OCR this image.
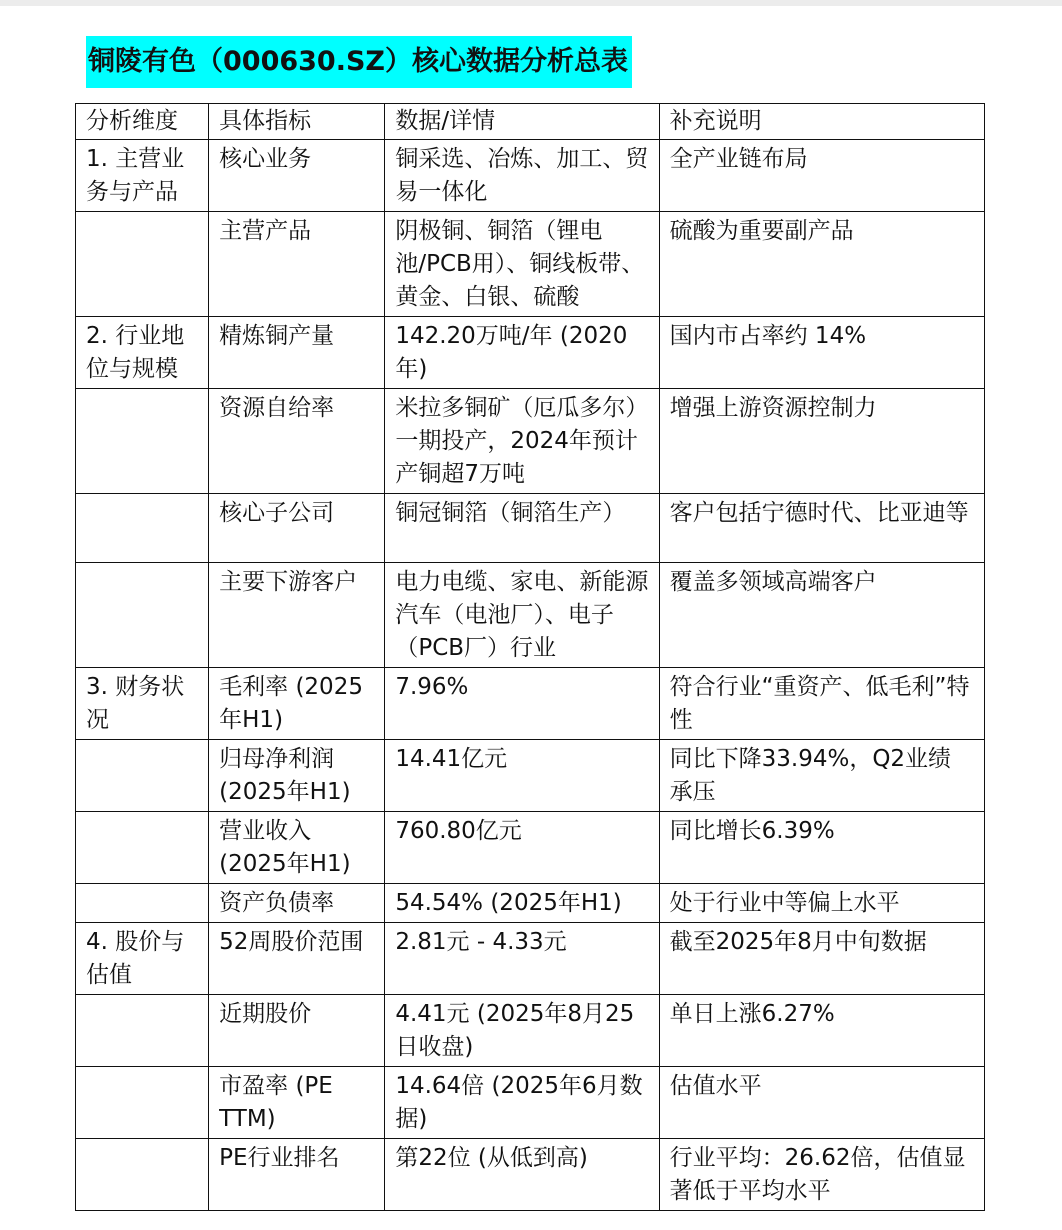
铜陵有色（000630.SZ）核心数据分析总表
分析维度	具体指标	数据/详情	补充说明
1. 主营业务与产品	核心业务	铜采选、冶炼、加工、贸易一体化	全产业链布局
	主营产品	阴极铜、铜箔（锂电池/PCB用）、铜线板带、黄金、白银、硫酸	硫酸为重要副产品
2. 行业地位与规模	精炼铜产量	142.20万吨/年 (2020年)	国内市占率约 14%
	资源自给率	米拉多铜矿（厄瓜多尔）一期投产，2024年预计产铜超7万吨	增强上游资源控制力
	核心子公司	铜冠铜箔（铜箔生产）	客户包括宁德时代、比亚迪等
	主要下游客户	电力电缆、家电、新能源汽车（电池厂）、电子（PCB厂）行业	覆盖多领域高端客户
3. 财务状况	毛利率 (2025年H1)	7.96%	符合行业“重资产、低毛利”特性
	归母净利润 (2025年H1)	14.41亿元	同比下降33.94%，Q2业绩承压
	营业收入 (2025年H1)	760.80亿元	同比增长6.39%
	资产负债率	54.54% (2025年H1)	处于行业中等偏上水平
4. 股价与估值	52周股价范围	2.81元 - 4.33元	截至2025年8月中旬数据
	近期股价	4.41元 (2025年8月25日收盘)	单日上涨6.27%
	市盈率 (PE TTM)	14.64倍 (2025年6月数据)	估值水平
	PE行业排名	第22位 (从低到高)	行业平均：26.62倍，估值显著低于平均水平
